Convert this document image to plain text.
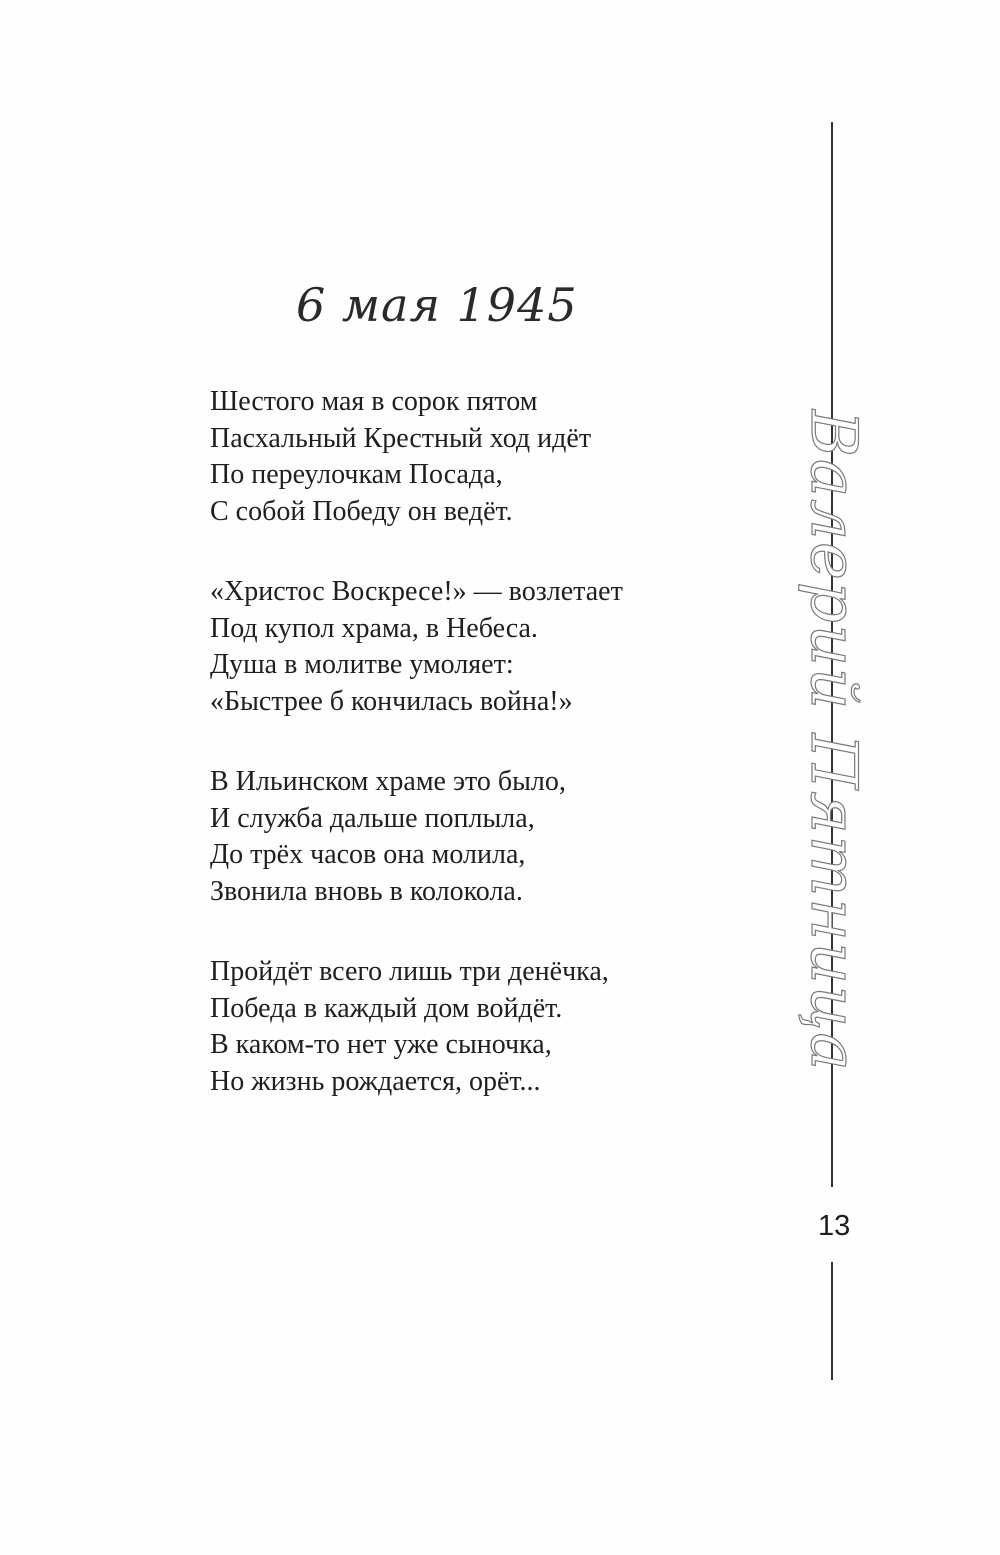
6 мая 1945
Шестого мая в сорок пятом
Пасхальный Крестный ход идёт
По переулочкам Посада,
С собой Победу он ведёт.
«Христос Воскресе!» — возлетает
Под купол храма, в Небеса.
Душа в молитве умоляет:
«Быстрее б кончилась война!»
В Ильинском храме это было,
И служба дальше поплыла,
До трёх часов она молила,
Звонила вновь в колокола.
Пройдёт всего лишь три денёчка,
Победа в каждый дом войдёт.
В каком-то нет уже сыночка,
Но жизнь рождается, орёт...
Валерий Пятница
13
